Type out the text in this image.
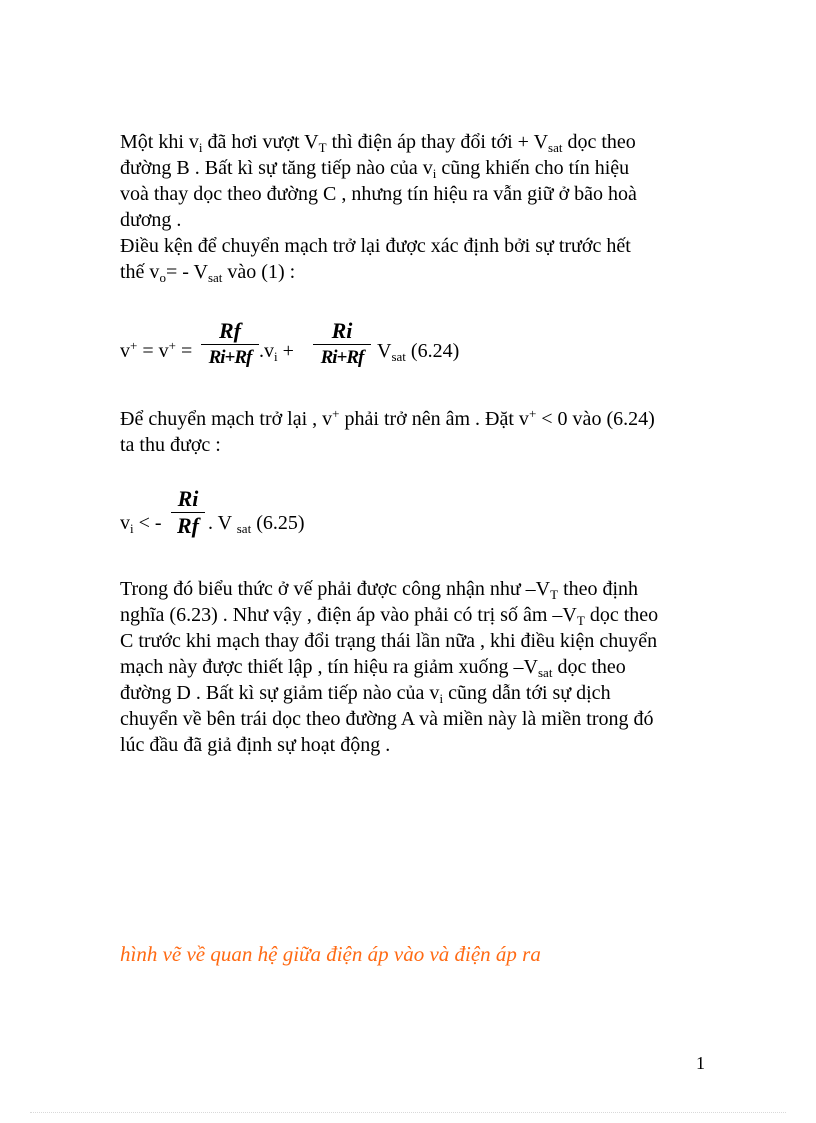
Một khi $v_i$ đã hơi vượt $V_T$ thì điện áp thay đổi tới + $V_{sat}$ dọc theo
đường B . Bất kì sự tăng tiếp nào của $v_i$ cũng khiến cho tín hiệu
voà thay dọc theo đường C , nhưng tín hiệu ra vẫn giữ ở bão hoà
dương .
Điều kện để chuyển mạch trở lại được xác định bởi sự trước hết
thế $v_o= - V_{sat}$ vào (1) :
v+ = v+ =
Rf
Ri+Rf $.v_i$ +
Ri
Ri+Rf $V_{sat}$ (6.24)
Để chuyển mạch trở lại , v+ phải trở nên âm . Đặt v+ < 0 vào (6.24)
ta thu được :
$v_i$ < -
Ri
Rf . V $_{sat}$ (6.25)
Trong đó biểu thức ở vế phải được công nhận như $-V_T$ theo định
nghĩa (6.23) . Như vậy , điện áp vào phải có trị số âm $-V_T$ dọc theo
C trước khi mạch thay đổi trạng thái lần nữa , khi điều kiện chuyển
mạch này được thiết lập , tín hiệu ra giảm xuống $-V_{sat}$ dọc theo
đường D . Bất kì sự giảm tiếp nào của $v_i$ cũng dẫn tới sự dịch
chuyển về bên trái dọc theo đường A và miền này là miền trong đó
lúc đầu đã giả định sự hoạt động .
hình vẽ về quan hệ giữa điện áp vào và điện áp ra
1
